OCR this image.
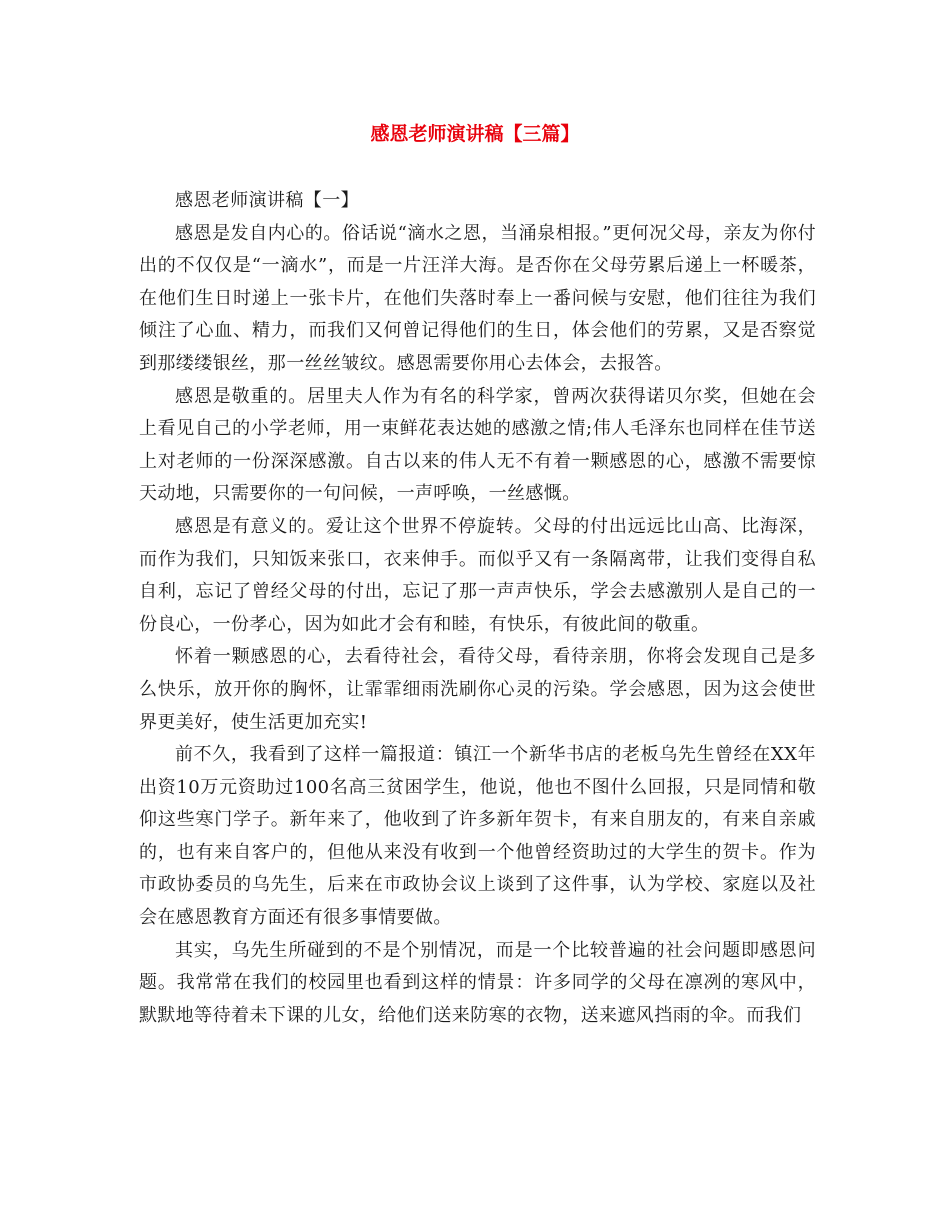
感恩老师演讲稿【三篇】

感恩老师演讲稿【一】

感恩是发自内心的。俗话说“滴水之恩，当涌泉相报。”更何况父母，亲友为你付出的不仅仅是“一滴水”，而是一片汪洋大海。是否你在父母劳累后递上一杯暖茶，在他们生日时递上一张卡片，在他们失落时奉上一番问候与安慰，他们往往为我们倾注了心血、精力，而我们又何曾记得他们的生日，体会他们的劳累，又是否察觉到那缕缕银丝，那一丝丝皱纹。感恩需要你用心去体会，去报答。

感恩是敬重的。居里夫人作为有名的科学家，曾两次获得诺贝尔奖，但她在会上看见自己的小学老师，用一束鲜花表达她的感激之情;伟人毛泽东也同样在佳节送上对老师的一份深深感激。自古以来的伟人无不有着一颗感恩的心，感激不需要惊天动地，只需要你的一句问候，一声呼唤，一丝感慨。

感恩是有意义的。爱让这个世界不停旋转。父母的付出远远比山高、比海深，而作为我们，只知饭来张口，衣来伸手。而似乎又有一条隔离带，让我们变得自私自利，忘记了曾经父母的付出，忘记了那一声声快乐，学会去感激别人是自己的一份良心，一份孝心，因为如此才会有和睦，有快乐，有彼此间的敬重。

怀着一颗感恩的心，去看待社会，看待父母，看待亲朋，你将会发现自己是多么快乐，放开你的胸怀，让霏霏细雨洗刷你心灵的污染。学会感恩，因为这会使世界更美好，使生活更加充实!

前不久，我看到了这样一篇报道：镇江一个新华书店的老板乌先生曾经在XX年出资10万元资助过100名高三贫困学生，他说，他也不图什么回报，只是同情和敬仰这些寒门学子。新年来了，他收到了许多新年贺卡，有来自朋友的，有来自亲戚的，也有来自客户的，但他从来没有收到一个他曾经资助过的大学生的贺卡。作为市政协委员的乌先生，后来在市政协会议上谈到了这件事，认为学校、家庭以及社会在感恩教育方面还有很多事情要做。

其实，乌先生所碰到的不是个别情况，而是一个比较普遍的社会问题即感恩问题。我常常在我们的校园里也看到这样的情景：许多同学的父母在凛冽的寒风中，默默地等待着未下课的儿女，给他们送来防寒的衣物，送来遮风挡雨的伞。而我们
